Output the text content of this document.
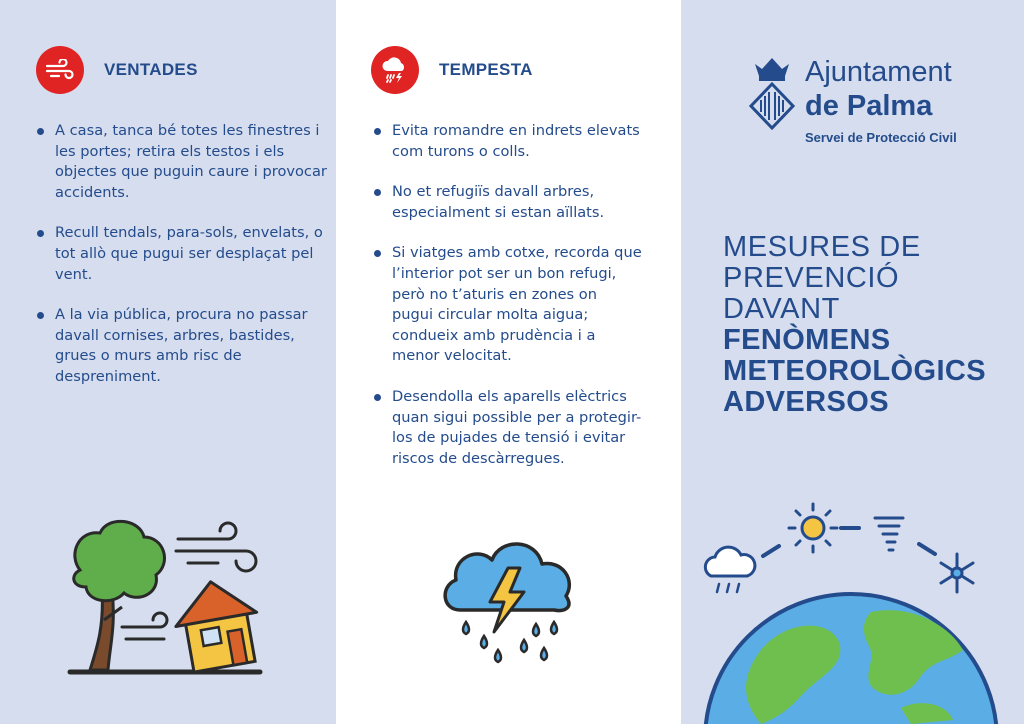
VENTADES
A casa, tanca bé totes les finestres i les portes; retira els testos i els objectes que puguin caure i provocar accidents.
Recull tendals, para-sols, envelats, o tot allò que pugui ser desplaçat pel vent.
A la via pública, procura no passar davall cornises, arbres, bastides, grues o murs amb risc de despreniment.
TEMPESTA
Evita romandre en indrets elevats com turons o colls.
No et refugiïs davall arbres, especialment si estan aïllats.
Si viatges amb cotxe, recorda que l’interior pot ser un bon refugi, però no t’aturis en zones on pugui circular molta aigua; condueix amb prudència i a menor velocitat.
Desendolla els aparells elèctrics quan sigui possible per a protegir-los de pujades de tensió i evitar riscos de descàrregues.
Ajuntament
de Palma
Servei de Protecció Civil
MESURES DE
PREVENCIÓ
DAVANT
FENÒMENS
METEOROLÒGICS
ADVERSOS
